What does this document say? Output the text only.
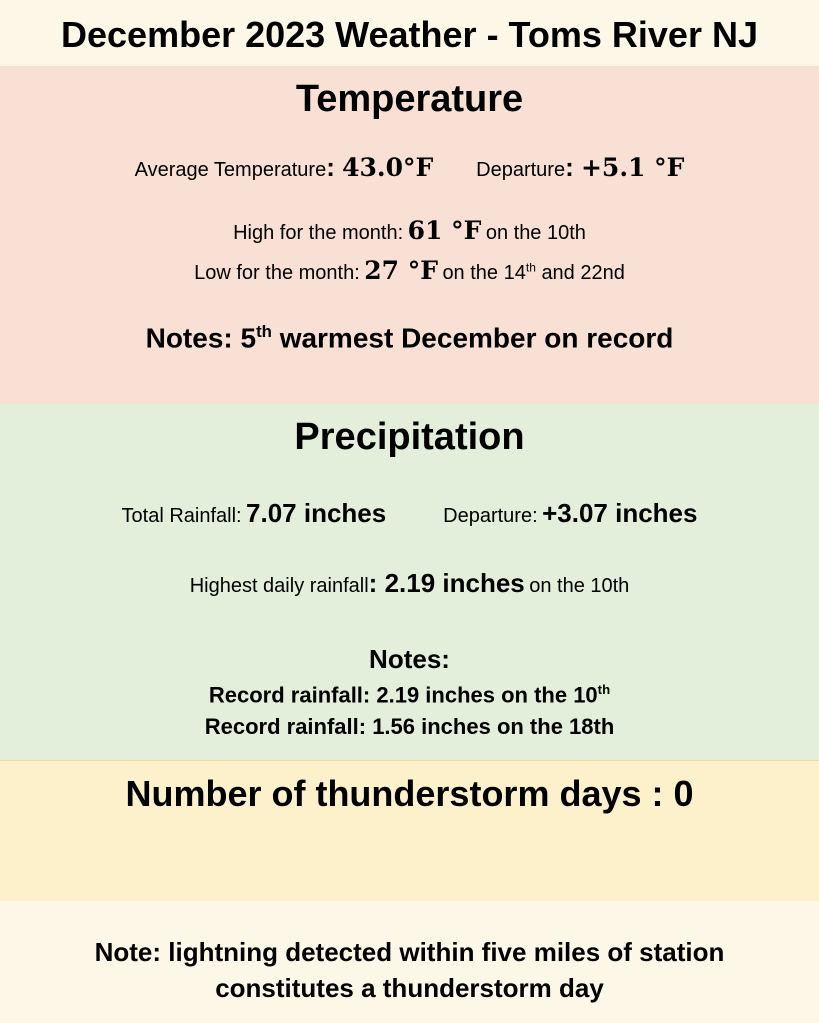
December 2023 Weather - Toms River NJ
Temperature
Average Temperature: 43.0°F Departure: +5.1 °F
High for the month: 61 °F on the 10th
Low for the month: 27 °F on the 14th and 22nd
Notes: 5th warmest December on record
Precipitation
Total Rainfall: 7.07 inches	Departure: +3.07 inches
Highest daily rainfall: 2.19 inches on the 10th
Notes:
Record rainfall: 2.19 inches on the 10th
Record rainfall: 1.56 inches on the 18th
Number of thunderstorm days : 0
Note: lightning detected within five miles of station
constitutes a thunderstorm day
